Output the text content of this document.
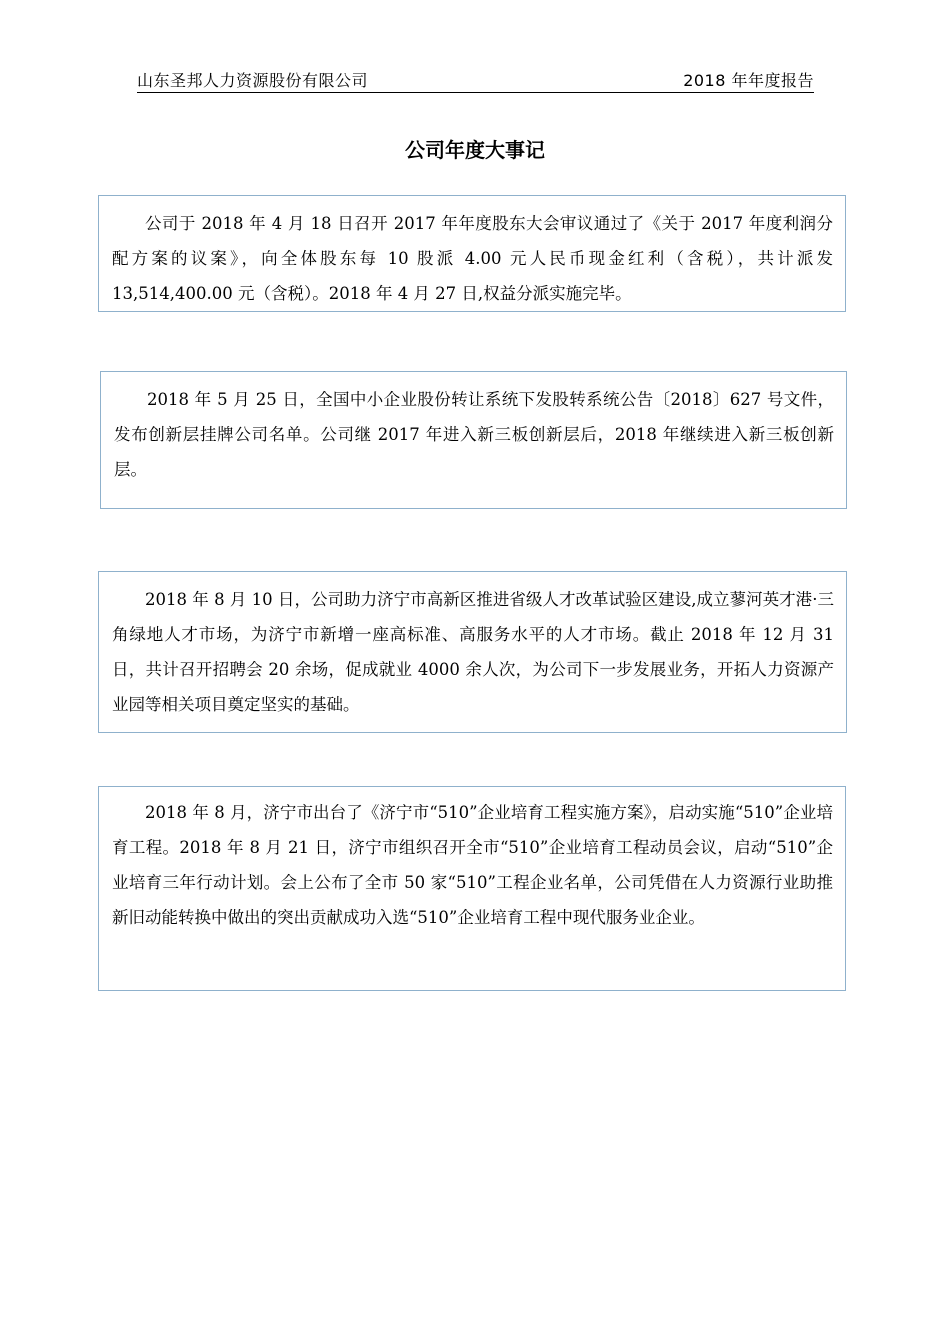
山东圣邦人力资源股份有限公司	2018 年年度报告
公司年度大事记
公司于 2018 年 4 月 18 日召开 2017 年年度股东大会审议通过了《关于 2017 年度利润分配方案的议案》，向全体股东每 10 股派 4.00 元人民币现金红利（含税），共计派发 13,514,400.00 元（含税）。2018 年 4 月 27 日,权益分派实施完毕。
2018 年 5 月 25 日，全国中小企业股份转让系统下发股转系统公告〔2018〕627 号文件，发布创新层挂牌公司名单。公司继 2017 年进入新三板创新层后，2018 年继续进入新三板创新层。
2018 年 8 月 10 日，公司助力济宁市高新区推进省级人才改革试验区建设,成立蓼河英才港·三角绿地人才市场，为济宁市新增一座高标准、高服务水平的人才市场。截止 2018 年 12 月 31 日，共计召开招聘会 20 余场，促成就业 4000 余人次，为公司下一步发展业务，开拓人力资源产业园等相关项目奠定坚实的基础。
2018 年 8 月，济宁市出台了《济宁市“510”企业培育工程实施方案》，启动实施“510”企业培育工程。2018 年 8 月 21 日，济宁市组织召开全市“510”企业培育工程动员会议，启动“510”企业培育三年行动计划。会上公布了全市 50 家“510”工程企业名单，公司凭借在人力资源行业助推新旧动能转换中做出的突出贡献成功入选“510”企业培育工程中现代服务业企业。
